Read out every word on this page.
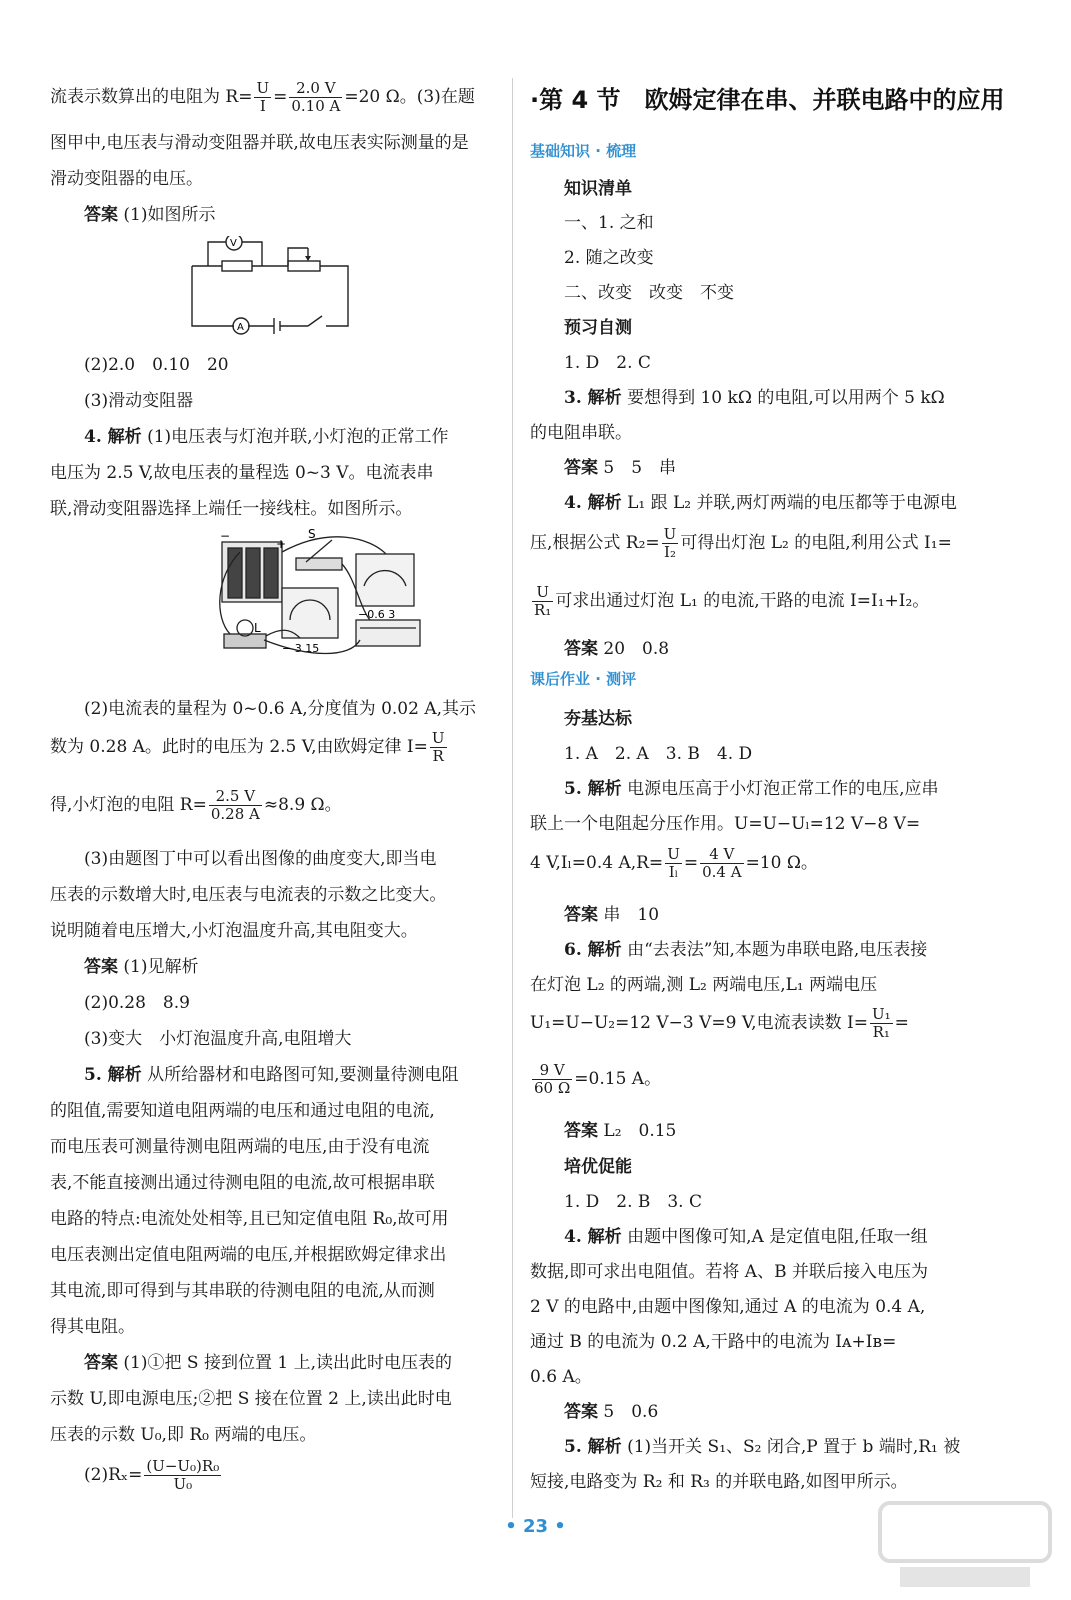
流表示数算出的电阻为 $R= \frac{U}{I} = \frac{2.0 V}{0.10 A} =20$ Ω。(3)在题

图甲中,电压表与滑动变阻器并联,故电压表实际测量的是

滑动变阻器的电压。

答案 (1)如图所示

V
A

(2)2.0　0.10　20

(3)滑动变阻器

4. 解析 (1)电压表与灯泡并联,小灯泡的正常工作

电压为 2.5 V,故电压表的量程选 0~3 V。电流表串

联,滑动变阻器选择上端任一接线柱。如图所示。

−
+
S
L
−0.6 3
− 3 15

(2)电流表的量程为 0~0.6 A,分度值为 0.02 A,其示

数为 0.28 A。此时的电压为 2.5 V,由欧姆定律 $I= \frac{U}{R}$

得,小灯泡的电阻 $R= \frac{2.5 V}{0.28 A} \approx 8.9$ Ω。

(3)由题图丁中可以看出图像的曲度变大,即当电

压表的示数增大时,电压表与电流表的示数之比变大。

说明随着电压增大,小灯泡温度升高,其电阻变大。

答案 (1)见解析

(2)0.28　8.9

(3)变大　小灯泡温度升高,电阻增大

5. 解析 从所给器材和电路图可知,要测量待测电阻

的阻值,需要知道电阻两端的电压和通过电阻的电流,

而电压表可测量待测电阻两端的电压,由于没有电流

表,不能直接测出通过待测电阻的电流,故可根据串联

电路的特点:电流处处相等,且已知定值电阻 R₀,故可用

电压表测出定值电阻两端的电压,并根据欧姆定律求出

其电流,即可得到与其串联的待测电阻的电流,从而测

得其电阻。

答案 (1)①把 S 接到位置 1 上,读出此时电压表的

示数 U,即电源电压;②把 S 接在位置 2 上,读出此时电

压表的示数 U₀,即 R₀ 两端的电压。

$(2)R_x= \frac{\text{(U−U₀)R₀}}{\text{U₀}}$

·第 4 节　欧姆定律在串、并联电路中的应用

基础知识 · 梳理

知识清单

一、1. 之和

2. 随之改变

二、改变　改变　不变

预习自测

1. D　2. C

3. 解析 要想得到 10 kΩ 的电阻,可以用两个 5 kΩ

的电阻串联。

答案 5　5　串

4. 解析 L₁ 跟 L₂ 并联,两灯两端的电压都等于电源电

压,根据公式 $R_2= \frac{U}{\text{I₂}}$ 可得出灯泡 L₂ 的电阻,利用公式 I₁=

$\frac{U}{\text{R₁}}$ 可求出通过灯泡 L₁ 的电流,干路的电流 I=I₁+I₂。

答案 20　0.8

课后作业 · 测评

夯基达标

1. A　2. A　3. B　4. D

5. 解析 电源电压高于小灯泡正常工作的电压,应串

联上一个电阻起分压作用。U=U−Uₗ=12 V−8 V=

4 V,Iₗ=0.4 $A,R= \frac{U}{\text{Iₗ}} = \frac{4 V}{0.4 A} =10$ Ω。

答案 串　10

6. 解析 由“去表法”知,本题为串联电路,电压表接

在灯泡 L₂ 的两端,测 L₂ 两端电压,L₁ 两端电压

U₁=U−U₂=12 V−3 V=9 V,电流表读数 $I= \frac{\text{U₁}}{\text{R₁}}$ =

$\frac{9 V}{60 \Omega} =0.15$ A。

答案 L₂　0.15

培优促能

1. D　2. B　3. C

4. 解析 由题中图像可知,A 是定值电阻,任取一组

数据,即可求出电阻值。若将 A、B 并联后接入电压为

2 V 的电路中,由题中图像知,通过 A 的电流为 0.4 A,

通过 B 的电流为 0.2 A,干路中的电流为 Iᴀ+Iʙ=

0.6 A。

答案 5　0.6

5. 解析 (1)当开关 S₁、S₂ 闭合,P 置于 b 端时,R₁ 被

短接,电路变为 R₂ 和 R₃ 的并联电路,如图甲所示。

• 23 •
